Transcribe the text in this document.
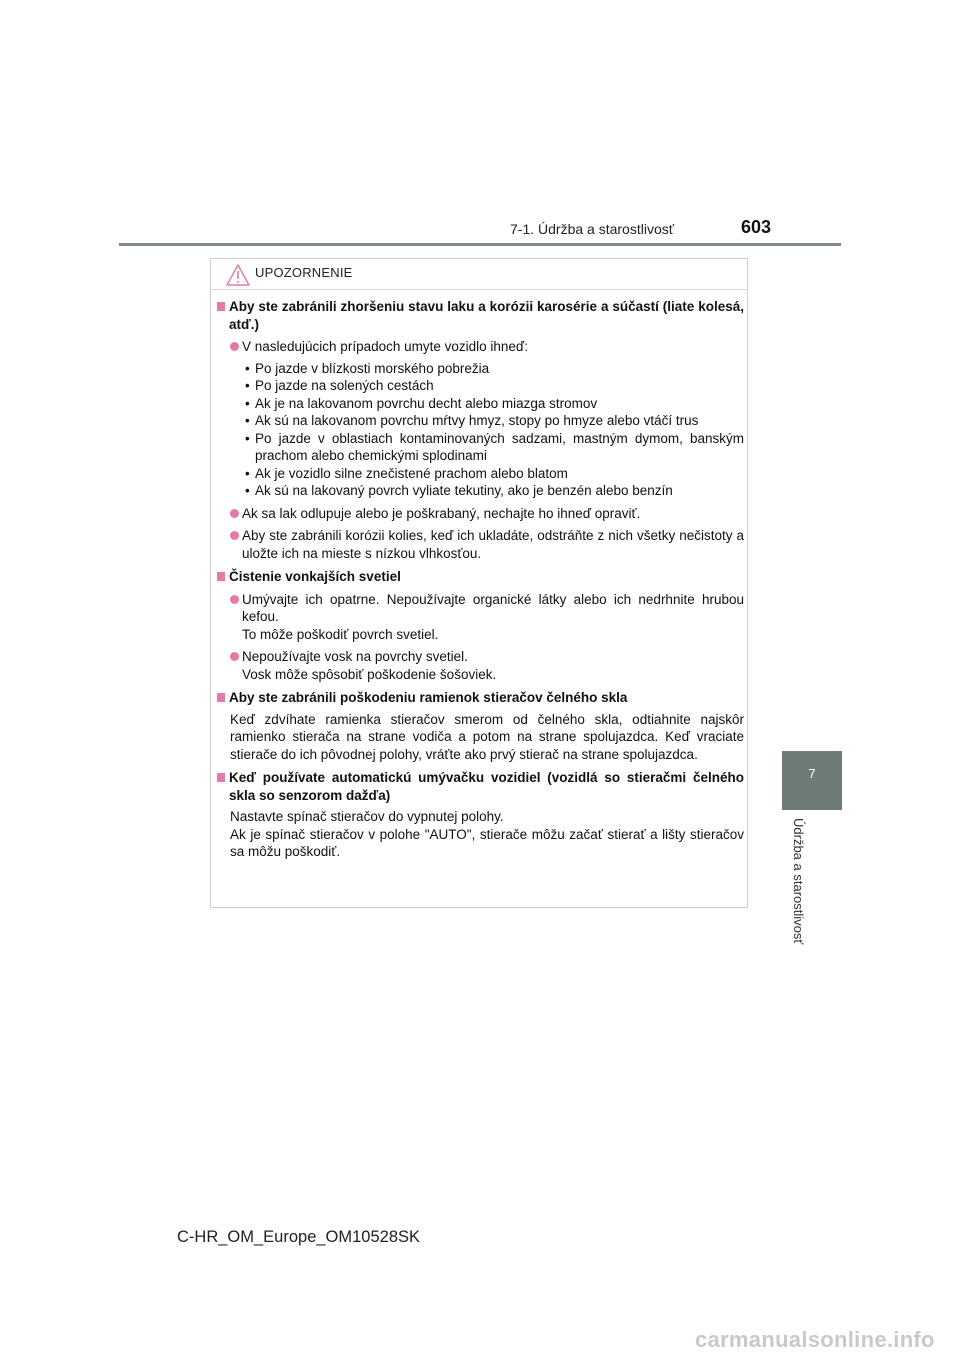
7-1. Údržba a starostlivosť	603
7
Údržba a starostlivosť
UPOZORNENIE
Aby ste zabránili zhoršeniu stavu laku a korózii karosérie a súčastí (liate kolesá, atď.)
V nasledujúcich prípadoch umyte vozidlo ihneď:
• Po jazde v blízkosti morského pobrežia
• Po jazde na solených cestách
• Ak je na lakovanom povrchu decht alebo miazga stromov
• Ak sú na lakovanom povrchu mŕtvy hmyz, stopy po hmyze alebo vtáčí trus
• Po jazde v oblastiach kontaminovaných sadzami, mastným dymom, banským prachom alebo chemickými splodinami
• Ak je vozidlo silne znečistené prachom alebo blatom
• Ak sú na lakovaný povrch vyliate tekutiny, ako je benzén alebo benzín
Ak sa lak odlupuje alebo je poškrabaný, nechajte ho ihneď opraviť.
Aby ste zabránili korózii kolies, keď ich ukladáte, odstráňte z nich všetky nečistoty a uložte ich na mieste s nízkou vlhkosťou.
Čistenie vonkajších svetiel
Umývajte ich opatrne. Nepoužívajte organické látky alebo ich nedrhnite hrubou kefou.
To môže poškodiť povrch svetiel.
Nepoužívajte vosk na povrchy svetiel.
Vosk môže spôsobiť poškodenie šošoviek.
Aby ste zabránili poškodeniu ramienok stieračov čelného skla
Keď zdvíhate ramienka stieračov smerom od čelného skla, odtiahnite najskôr ramienko stierača na strane vodiča a potom na strane spolujazdca. Keď vraciate stierače do ich pôvodnej polohy, vráťte ako prvý stierač na strane spolujazdca.
Keď používate automatickú umývačku vozidiel (vozidlá so stieračmi čelného skla so senzorom dažďa)
Nastavte spínač stieračov do vypnutej polohy.
Ak je spínač stieračov v polohe "AUTO", stierače môžu začať stierať a lišty stieračov sa môžu poškodiť.
C-HR_OM_Europe_OM10528SK
carmanualsonline.info
